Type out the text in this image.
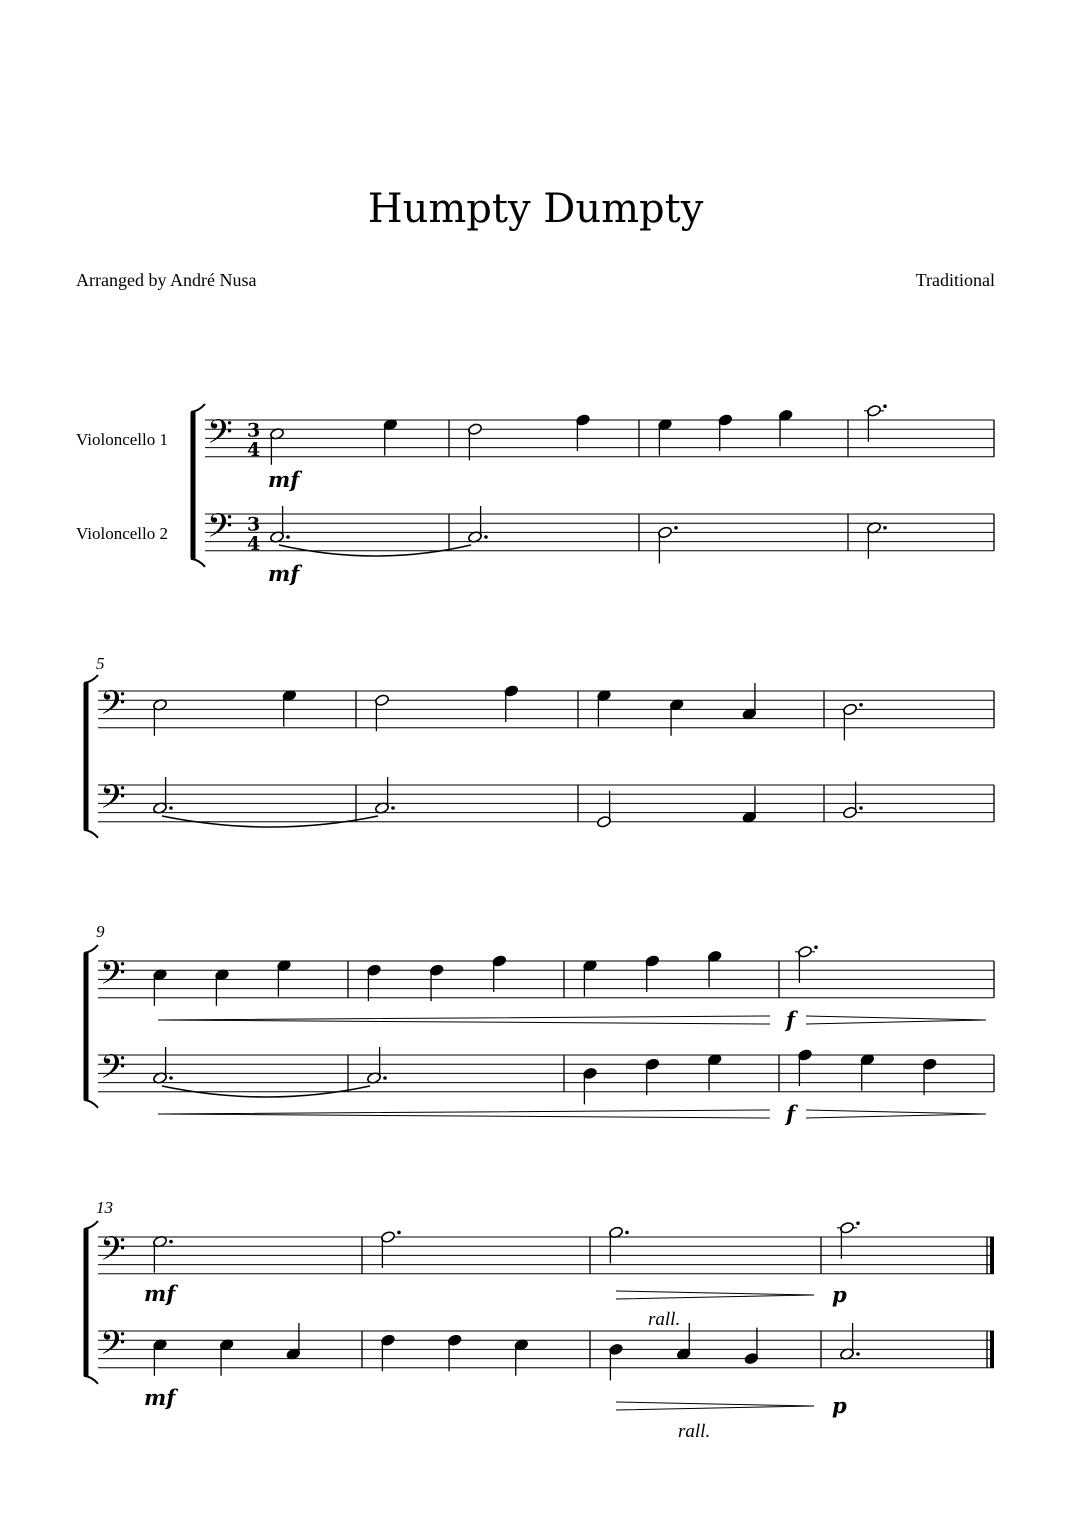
Humpty Dumpty
Arranged by André Nusa	Traditional
Violoncello 1
Violoncello 2
5
9
13
𝄢 3
4
𝄢 3
4
mf
mf
𝄢
𝄢
𝄢
𝄢
f
f
𝄢
𝄢
mf
mf
p
p
rall.
rall.
